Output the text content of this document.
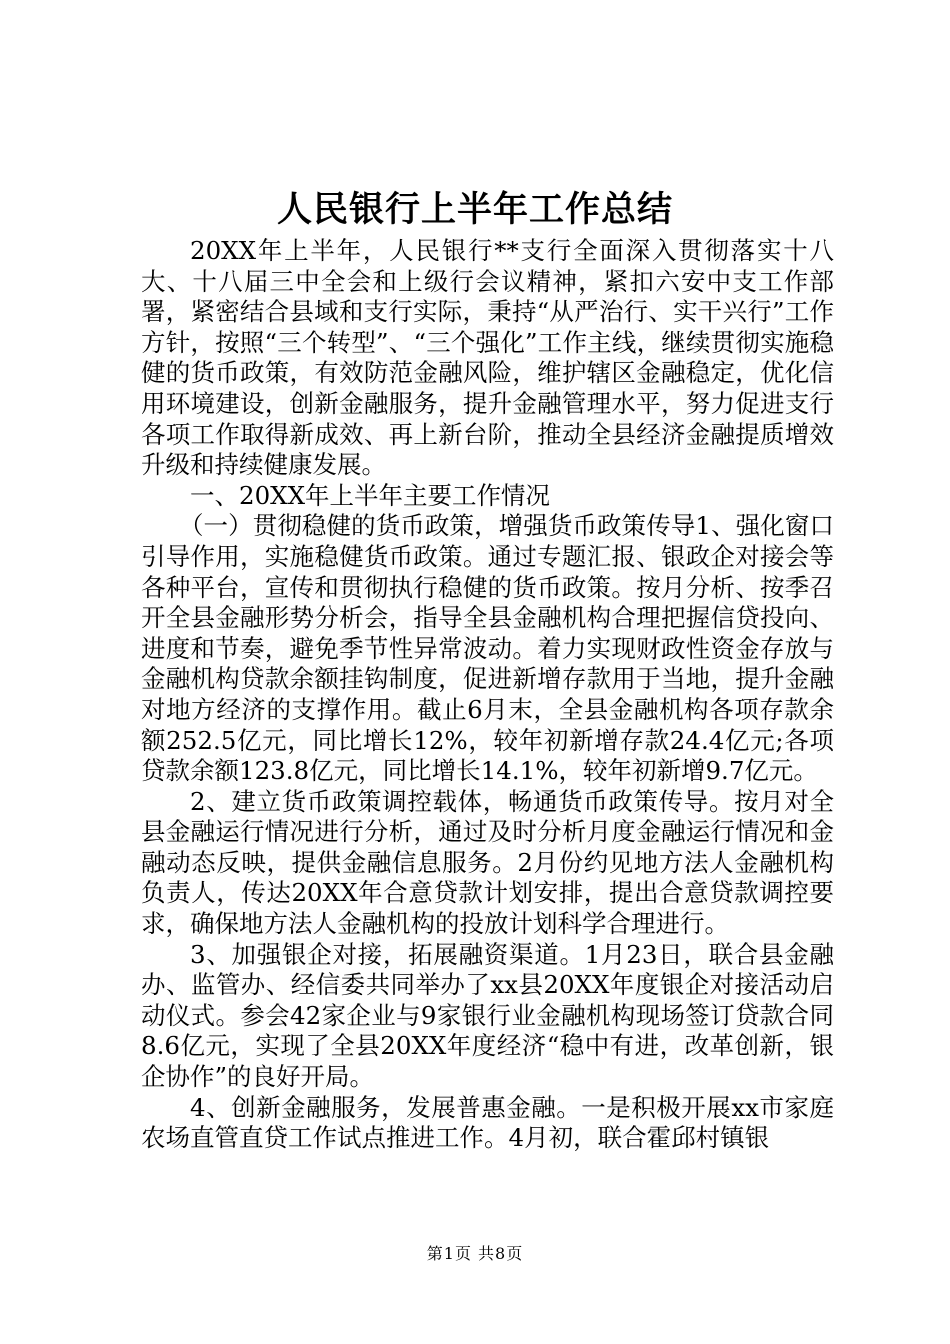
人民银行上半年工作总结

20XX年上半年，人民银行**支行全面深入贯彻落实十八大、十八届三中全会和上级行会议精神，紧扣六安中支工作部署，紧密结合县域和支行实际，秉持“从严治行、实干兴行”工作方针，按照“三个转型”、“三个强化”工作主线，继续贯彻实施稳健的货币政策，有效防范金融风险，维护辖区金融稳定，优化信用环境建设，创新金融服务，提升金融管理水平，努力促进支行各项工作取得新成效、再上新台阶，推动全县经济金融提质增效升级和持续健康发展。

一、20XX年上半年主要工作情况

（一）贯彻稳健的货币政策，增强货币政策传导1、强化窗口引导作用，实施稳健货币政策。通过专题汇报、银政企对接会等各种平台，宣传和贯彻执行稳健的货币政策。按月分析、按季召开全县金融形势分析会，指导全县金融机构合理把握信贷投向、进度和节奏，避免季节性异常波动。着力实现财政性资金存放与金融机构贷款余额挂钩制度，促进新增存款用于当地，提升金融对地方经济的支撑作用。截止6月末，全县金融机构各项存款余额252.5亿元，同比增长12%，较年初新增存款24.4亿元;各项贷款余额123.8亿元，同比增长14.1%，较年初新增9.7亿元。

2、建立货币政策调控载体，畅通货币政策传导。按月对全县金融运行情况进行分析，通过及时分析月度金融运行情况和金融动态反映，提供金融信息服务。2月份约见地方法人金融机构负责人，传达20XX年合意贷款计划安排，提出合意贷款调控要求，确保地方法人金融机构的投放计划科学合理进行。

3、加强银企对接，拓展融资渠道。1月23日，联合县金融办、监管办、经信委共同举办了xx县20XX年度银企对接活动启动仪式。参会42家企业与9家银行业金融机构现场签订贷款合同8.6亿元，实现了全县20XX年度经济“稳中有进，改革创新，银企协作”的良好开局。

4、创新金融服务，发展普惠金融。一是积极开展xx市家庭农场直管直贷工作试点推进工作。4月初，联合霍邱村镇银

第1页 共8页
